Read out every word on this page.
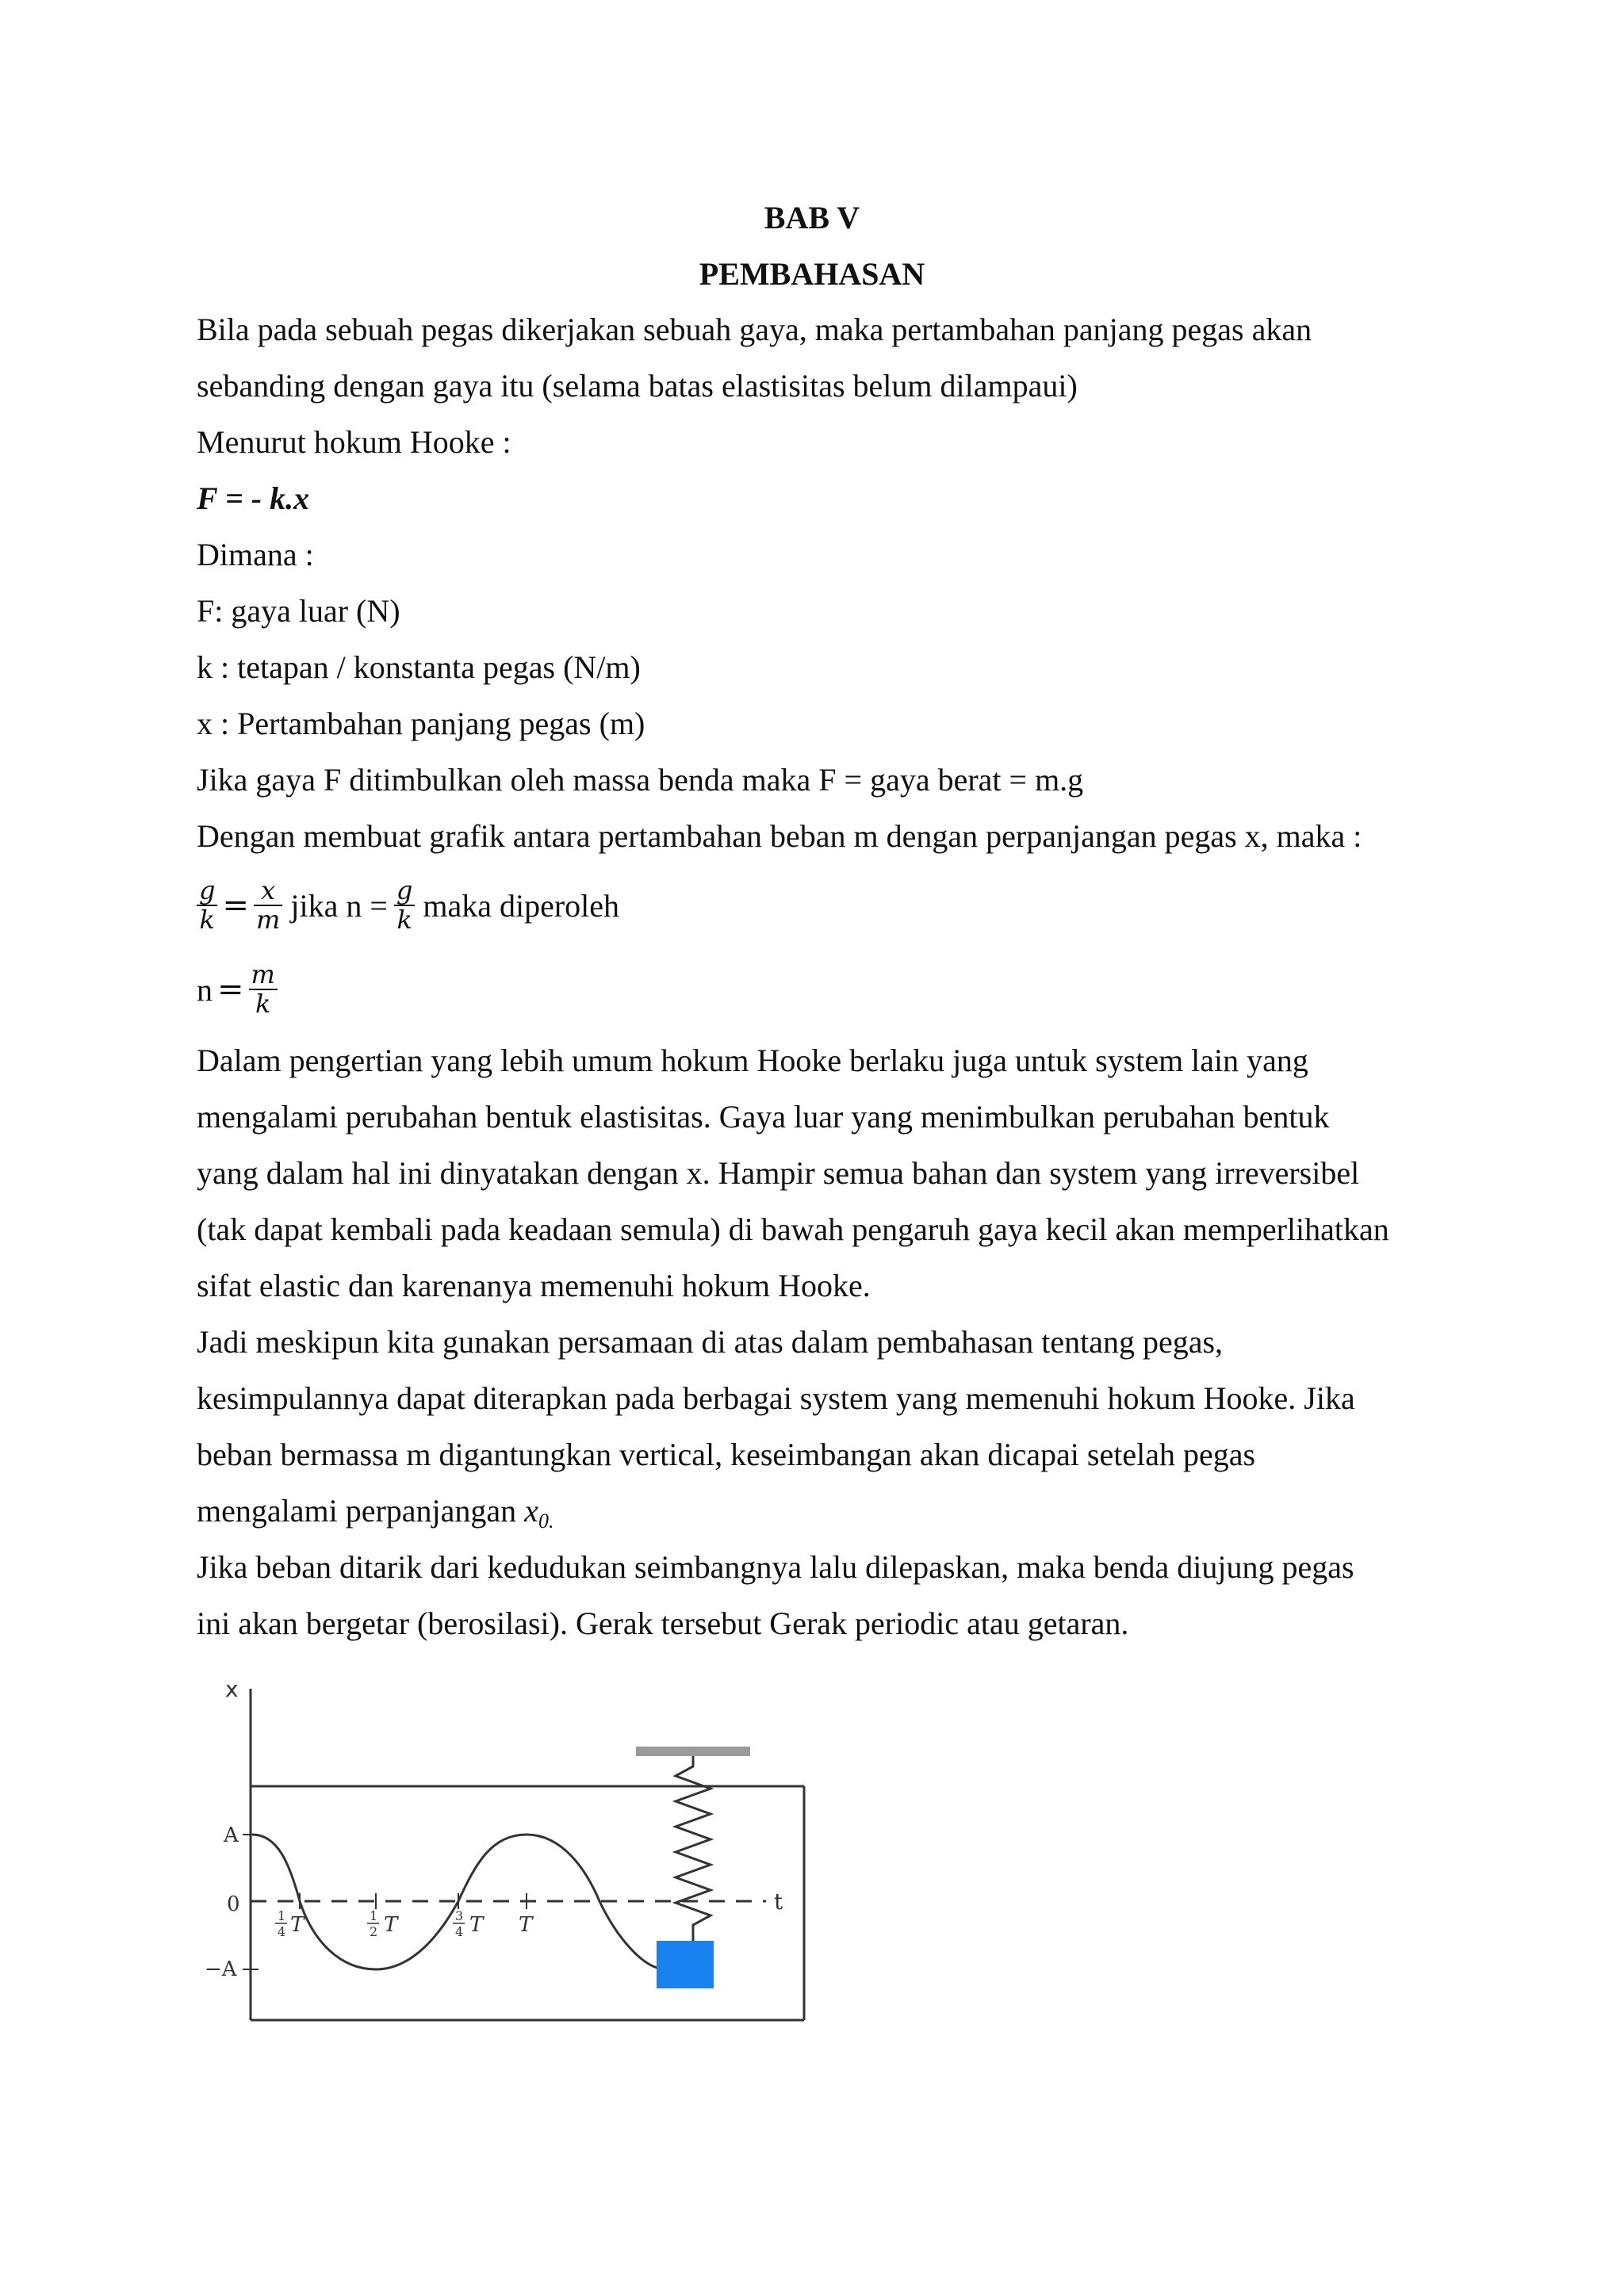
BAB V

PEMBAHASAN

Bila pada sebuah pegas dikerjakan sebuah gaya, maka pertambahan panjang pegas akan

sebanding dengan gaya itu (selama batas elastisitas belum dilampaui)

Menurut hokum Hooke :

F = - k.x

Dimana :

F: gaya luar (N)

k : tetapan / konstanta pegas (N/m)

x : Pertambahan panjang pegas (m)

Jika gaya F ditimbulkan oleh massa benda maka F = gaya berat = m.g

Dengan membuat grafik antara pertambahan beban m dengan perpanjangan pegas x, maka :

$\frac{g}{k} = \frac{x}{m}$ jika $n = \frac{g}{k}$ maka diperoleh
$n = \frac{m}{k}$

Dalam pengertian yang lebih umum hokum Hooke berlaku juga untuk system lain yang

mengalami perubahan bentuk elastisitas. Gaya luar yang menimbulkan perubahan bentuk

yang dalam hal ini dinyatakan dengan x. Hampir semua bahan dan system yang irreversibel

(tak dapat kembali pada keadaan semula) di bawah pengaruh gaya kecil akan memperlihatkan

sifat elastic dan karenanya memenuhi hokum Hooke.

Jadi meskipun kita gunakan persamaan di atas dalam pembahasan tentang pegas,

kesimpulannya dapat diterapkan pada berbagai system yang memenuhi hokum Hooke. Jika

beban bermassa m digantungkan vertical, keseimbangan akan dicapai setelah pegas

mengalami perpanjangan $x_{0.}$

Jika beban ditarik dari kedudukan seimbangnya lalu dilepaskan, maka benda diujung pegas

ini akan bergetar (berosilasi). Gerak tersebut Gerak periodic atau getaran.

x
A
0
−A
t
1
4 T	1
2 T	3
4 T T
